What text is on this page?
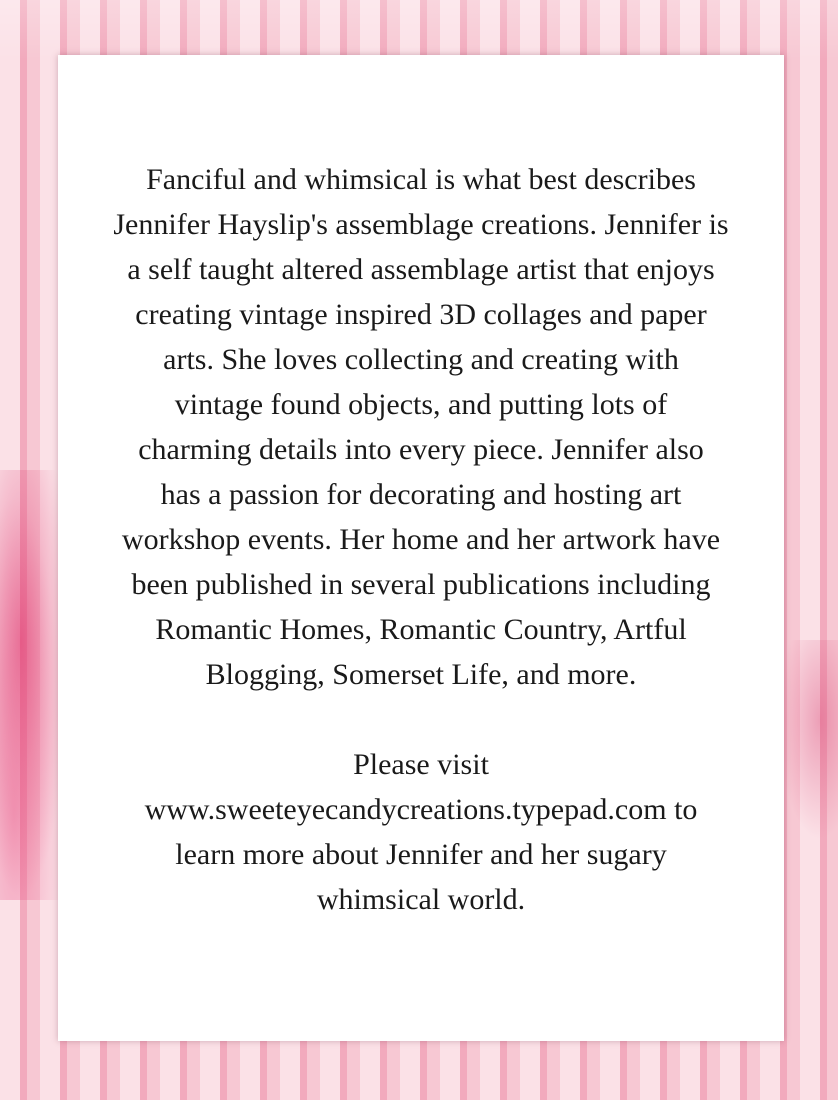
Fanciful and whimsical is what best describes
Jennifer Hayslip's assemblage creations. Jennifer is
a self taught altered assemblage artist that enjoys
creating vintage inspired 3D collages and paper
arts. She loves collecting and creating with
vintage found objects, and putting lots of
charming details into every piece. Jennifer also
has a passion for decorating and hosting art
workshop events. Her home and her artwork have
been published in several publications including
Romantic Homes, Romantic Country, Artful
Blogging, Somerset Life, and more.

Please visit
www.sweeteyecandycreations.typepad.com to
learn more about Jennifer and her sugary
whimsical world.
